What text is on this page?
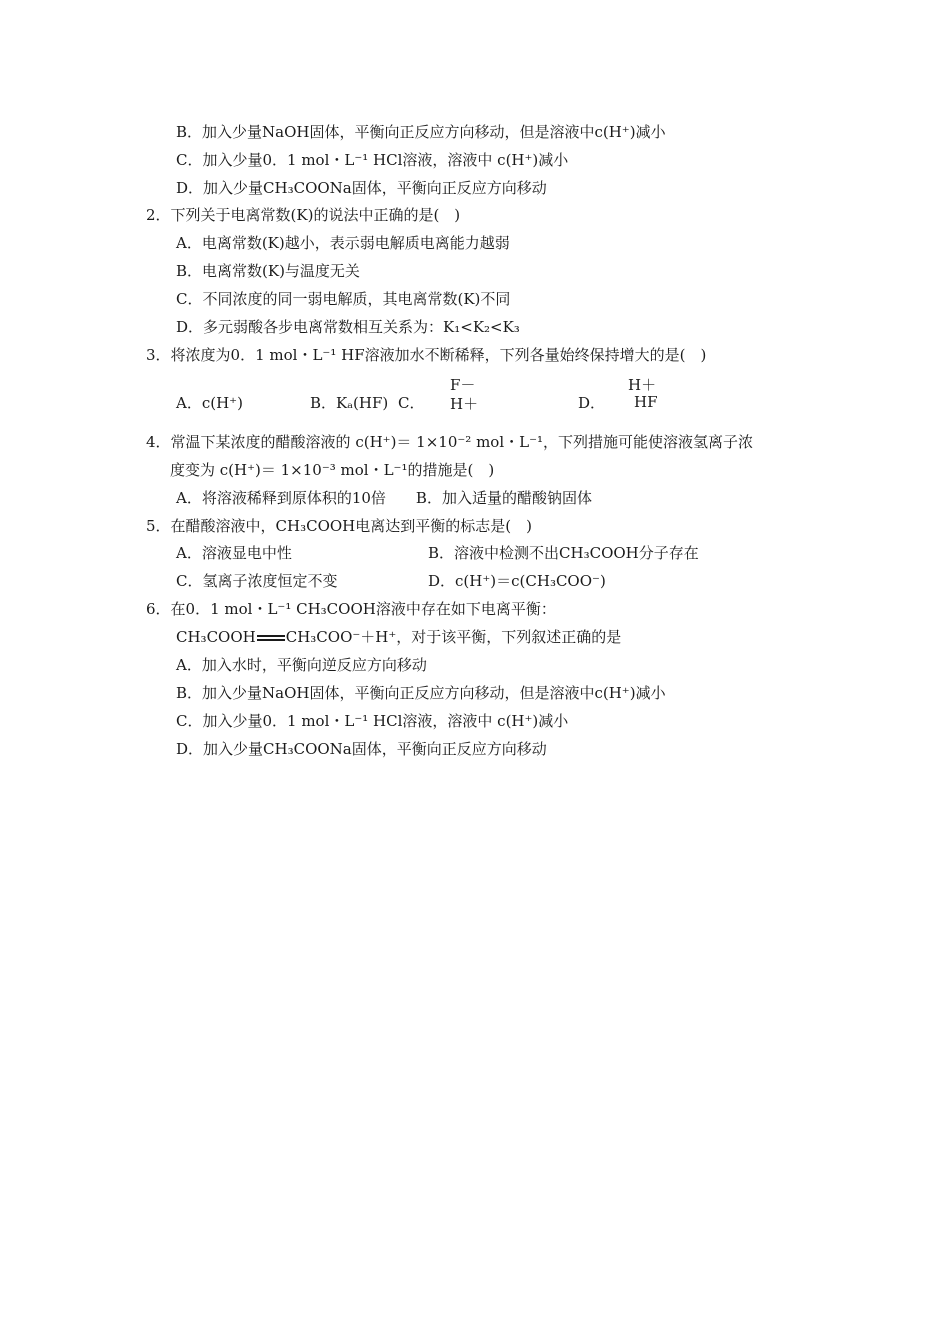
B．加入少量NaOH固体，平衡向正反应方向移动，但是溶液中c(H⁺)减小
C．加入少量0．1 mol・L⁻¹ HCl溶液，溶液中 c(H⁺)减小
D．加入少量CH₃COONa固体，平衡向正反应方向移动
2．下列关于电离常数(K)的说法中正确的是(　)
A．电离常数(K)越小，表示弱电解质电离能力越弱
B．电离常数(K)与温度无关
C．不同浓度的同一弱电解质，其电离常数(K)不同
D．多元弱酸各步电离常数相互关系为：K₁<K₂<K₃
3．将浓度为0．1 mol・L⁻¹ HF溶液加水不断稀释，下列各量始终保持增大的是(　)
A．c(H⁺)	B．Kₐ(HF) C．
F－
H＋	D．
H＋
HF
4．常温下某浓度的醋酸溶液的 c(H⁺)＝ 1×10⁻² mol・L⁻¹，下列措施可能使溶液氢离子浓
度变为 c(H⁺)＝ 1×10⁻³ mol・L⁻¹的措施是(　)
A．将溶液稀释到原体积的10倍　　B．加入适量的醋酸钠固体
5．在醋酸溶液中，CH₃COOH电离达到平衡的标志是(　)
A．溶液显电中性	B．溶液中检测不出CH₃COOH分子存在
C．氢离子浓度恒定不变	D．c(H⁺)＝c(CH₃COO⁻)
6．在0．1 mol・L⁻¹ CH₃COOH溶液中存在如下电离平衡：
CH₃COOH CH₃COO⁻＋H⁺，对于该平衡，下列叙述正确的是
A．加入水时，平衡向逆反应方向移动
B．加入少量NaOH固体，平衡向正反应方向移动，但是溶液中c(H⁺)减小
C．加入少量0．1 mol・L⁻¹ HCl溶液，溶液中 c(H⁺)减小
D．加入少量CH₃COONa固体，平衡向正反应方向移动
